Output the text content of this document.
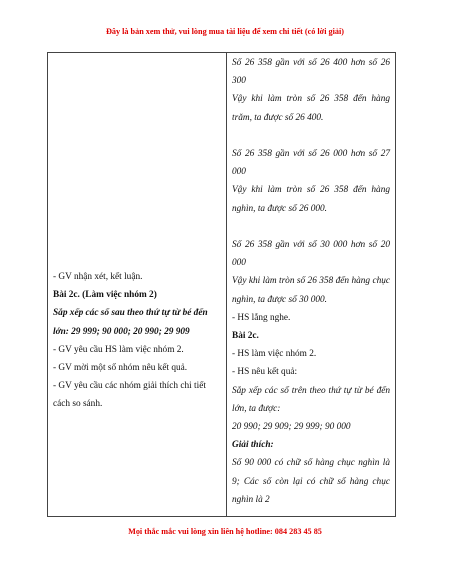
Đây là bản xem thử, vui lòng mua tài liệu để xem chi tiết (có lời giải)

- GV nhận xét, kết luận.

Bài 2c. (Làm việc nhóm 2)

Sắp xếp các số sau theo thứ tự từ bé đến lớn: 29 999; 90 000; 20 990; 29 909

- GV yêu cầu HS làm việc nhóm 2.

- GV mời một số nhóm nêu kết quả.

- GV yêu cầu các nhóm giải thích chi tiết cách so sánh.

Số 26 358 gần với số 26 400 hơn số 26 300

Vậy khi làm tròn số 26 358 đến hàng trăm, ta được số 26 400.

Số 26 358 gần với số 26 000 hơn số 27 000

Vậy khi làm tròn số 26 358 đến hàng nghìn, ta được số 26 000.

Số 26 358 gần với số 30 000 hơn số 20 000

Vậy khi làm tròn số 26 358 đến hàng chục nghìn, ta được số 30 000.

- HS lắng nghe.

Bài 2c.

- HS làm việc nhóm 2.

- HS nêu kết quả:

Sắp xếp các số trên theo thứ tự từ bé đến lớn, ta được:

20 990; 29 909; 29 999; 90 000

Giải thích:

Số 90 000 có chữ số hàng chục nghìn là 9; Các số còn lại có chữ số hàng chục nghìn là 2

Mọi thắc mắc vui lòng xin liên hệ hotline: 084 283 45 85
